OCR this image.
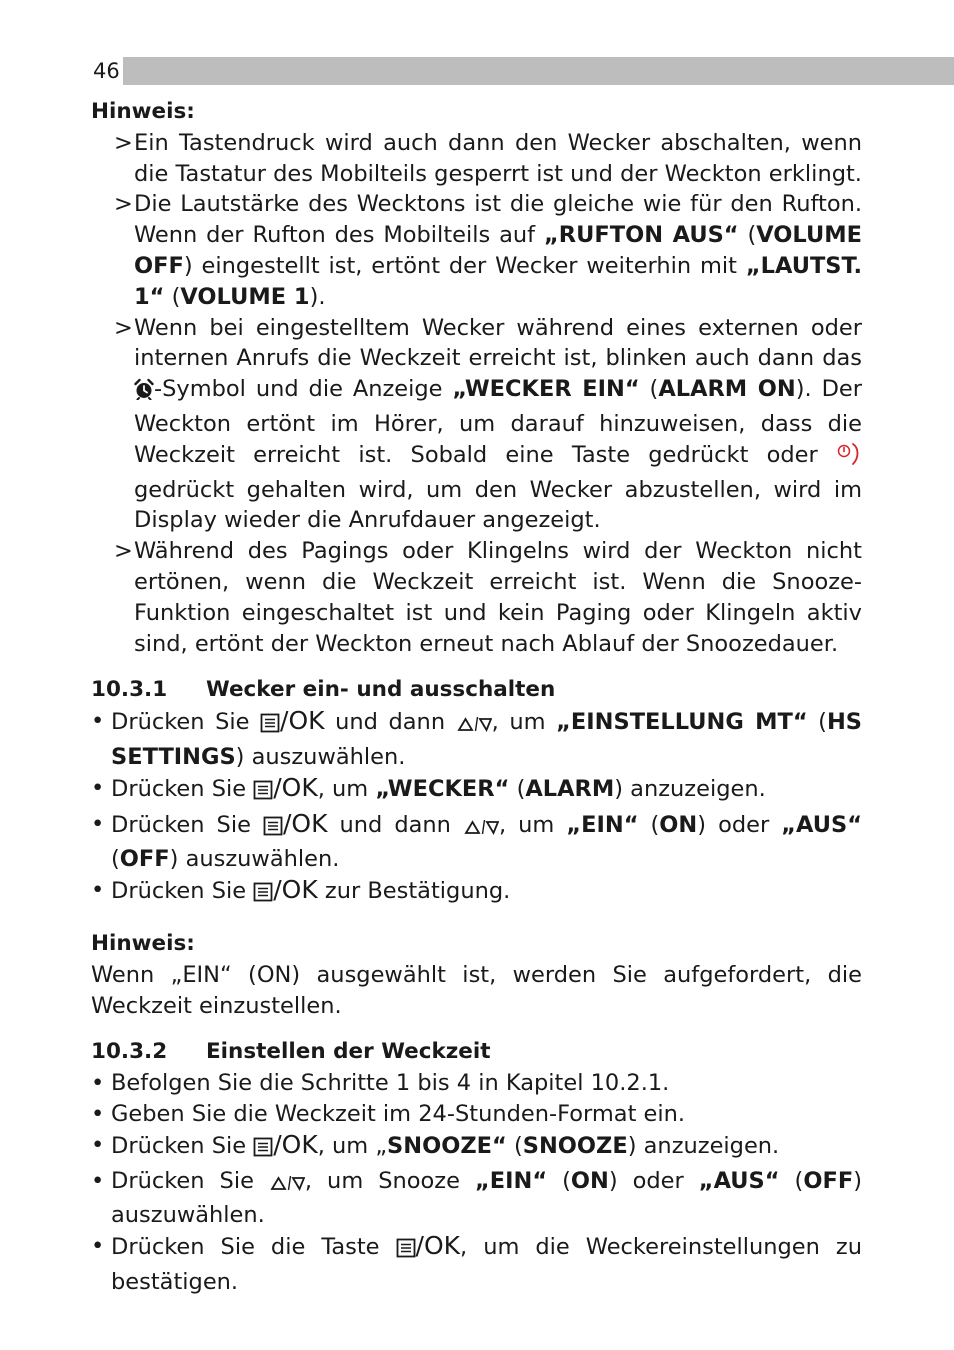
46

Hinweis:

> Ein Tastendruck wird auch dann den Wecker abschalten, wenn die Tastatur des Mobilteils gesperrt ist und der Weckton erklingt.
> Die Lautstärke des Wecktons ist die gleiche wie für den Rufton. Wenn der Rufton des Mobilteils auf „RUFTON AUS“ (VOLUME OFF) eingestellt ist, ertönt der Wecker weiterhin mit „LAUTST. 1“ (VOLUME 1).
> Wenn bei eingestelltem Wecker während eines externen oder internen Anrufs die Weckzeit erreicht ist, blinken auch dann das -Symbol und die Anzeige „WECKER EIN“ (ALARM ON). Der Weckton ertönt im Hörer, um darauf hinzuweisen, dass die Weckzeit erreicht ist. Sobald eine Taste gedrückt oder  gedrückt gehalten wird, um den Wecker abzustellen, wird im Display wieder die Anrufdauer angezeigt.
> Während des Pagings oder Klingelns wird der Weckton nicht ertönen, wenn die Weckzeit erreicht ist. Wenn die Snooze-Funktion eingeschaltet ist und kein Paging oder Klingeln aktiv sind, ertönt der Weckton erneut nach Ablauf der Snoozedauer.

10.3.1 Wecker ein- und ausschalten

• Drücken Sie /OK und dann , um „EINSTELLUNG MT“ (HS SETTINGS) auszuwählen.
• Drücken Sie /OK, um „WECKER“ (ALARM) anzuzeigen.
• Drücken Sie /OK und dann , um „EIN“ (ON) oder „AUS“ (OFF) auszuwählen.
• Drücken Sie /OK zur Bestätigung.

Hinweis:

Wenn „EIN“ (ON) ausgewählt ist, werden Sie aufgefordert, die Weckzeit einzustellen.

10.3.2 Einstellen der Weckzeit

• Befolgen Sie die Schritte 1 bis 4 in Kapitel 10.2.1.
• Geben Sie die Weckzeit im 24-Stunden-Format ein.
• Drücken Sie /OK, um „SNOOZE“ (SNOOZE) anzuzeigen.
• Drücken Sie , um Snooze „EIN“ (ON) oder „AUS“ (OFF) auszuwählen.
• Drücken Sie die Taste /OK, um die Weckereinstellungen zu bestätigen.
